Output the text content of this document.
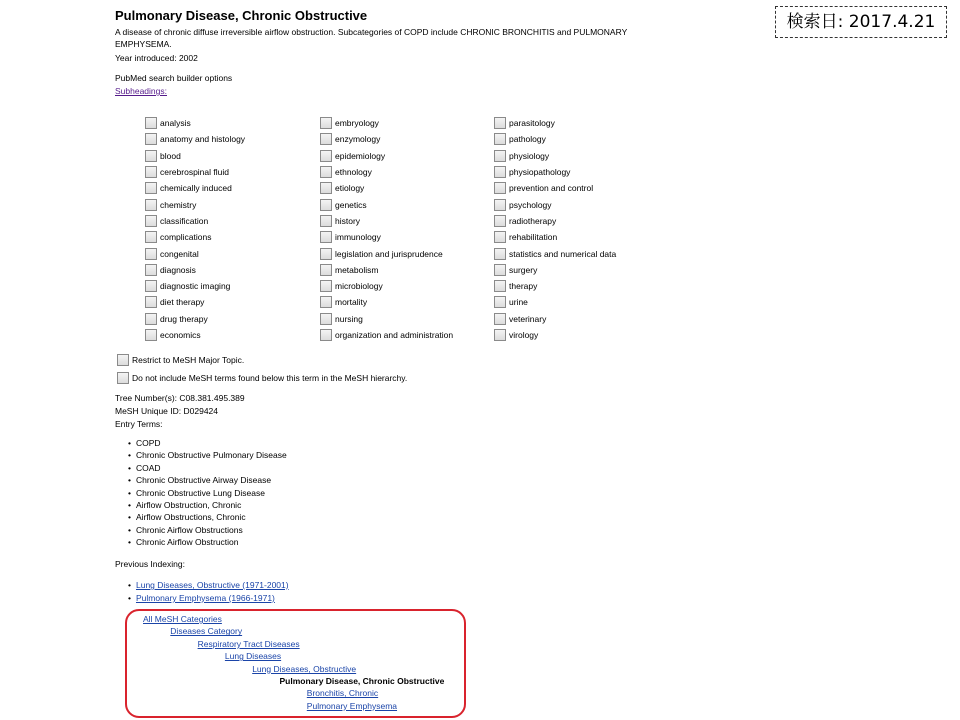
検索日: 2017.4.21
Pulmonary Disease, Chronic Obstructive
A disease of chronic diffuse irreversible airflow obstruction. Subcategories of COPD include CHRONIC BRONCHITIS and PULMONARY EMPHYSEMA.
Year introduced: 2002
PubMed search builder options
Subheadings:
analysis
anatomy and histology
blood
cerebrospinal fluid
chemically induced
chemistry
classification
complications
congenital
diagnosis
diagnostic imaging
diet therapy
drug therapy
economics
embryology
enzymology
epidemiology
ethnology
etiology
genetics
history
immunology
legislation and jurisprudence
metabolism
microbiology
mortality
nursing
organization and administration
parasitology
pathology
physiology
physiopathology
prevention and control
psychology
radiotherapy
rehabilitation
statistics and numerical data
surgery
therapy
urine
veterinary
virology
Restrict to MeSH Major Topic.
Do not include MeSH terms found below this term in the MeSH hierarchy.
Tree Number(s): C08.381.495.389
MeSH Unique ID: D029424
Entry Terms:
• COPD
• Chronic Obstructive Pulmonary Disease
• COAD
• Chronic Obstructive Airway Disease
• Chronic Obstructive Lung Disease
• Airflow Obstruction, Chronic
• Airflow Obstructions, Chronic
• Chronic Airflow Obstructions
• Chronic Airflow Obstruction
Previous Indexing:
• Lung Diseases, Obstructive (1971-2001)
• Pulmonary Emphysema (1966-1971)
All MeSH Categories
Diseases Category
Respiratory Tract Diseases
Lung Diseases
Lung Diseases, Obstructive
Pulmonary Disease, Chronic Obstructive
Bronchitis, Chronic
Pulmonary Emphysema
